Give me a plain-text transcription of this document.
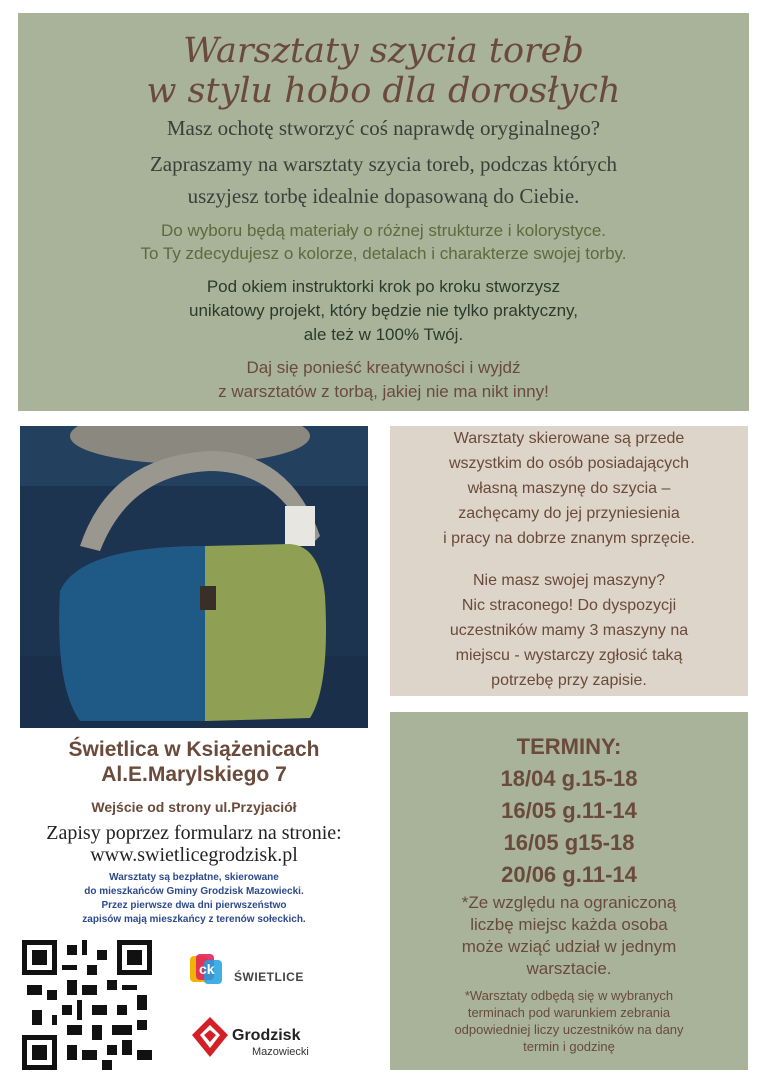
Warsztaty szycia toreb
w stylu hobo dla dorosłych
Masz ochotę stworzyć coś naprawdę oryginalnego?
Zapraszamy na warsztaty szycia toreb, podczas których
uszyjesz torbę idealnie dopasowaną do Ciebie.
Do wyboru będą materiały o różnej strukturze i kolorystyce.
To Ty zdecydujesz o kolorze, detalach i charakterze swojej torby.
Pod okiem instruktorki krok po kroku stworzysz
unikatowy projekt, który będzie nie tylko praktyczny,
ale też w 100% Twój.
Daj się ponieść kreatywności i wyjdź
z warsztatów z torbą, jakiej nie ma nikt inny!
Warsztaty skierowane są przede
wszystkim do osób posiadających
własną maszynę do szycia –
zachęcamy do jej przyniesienia
i pracy na dobrze znanym sprzęcie.
Nie masz swojej maszyny?
Nic straconego! Do dyspozycji
uczestników mamy 3 maszyny na
miejscu - wystarczy zgłosić taką
potrzebę przy zapisie.
Świetlica w Książenicach
Al.E.Marylskiego 7
Wejście od strony ul.Przyjaciół
Zapisy poprzez formularz na stronie:
www.swietlicegrodzisk.pl
Warsztaty są bezpłatne, skierowane
do mieszkańców Gminy Grodzisk Mazowiecki.
Przez pierwsze dwa dni pierwszeństwo
zapisów mają mieszkańcy z terenów sołeckich.
ck ŚWIETLICE
Grodzisk
Mazowiecki
TERMINY:
18/04 g.15-18
16/05 g.11-14
16/05 g15-18
20/06 g.11-14
*Ze względu na ograniczoną
liczbę miejsc każda osoba
może wziąć udział w jednym
warsztacie.
*Warsztaty odbędą się w wybranych
terminach pod warunkiem zebrania
odpowiedniej liczy uczestników na dany
termin i godzinę
